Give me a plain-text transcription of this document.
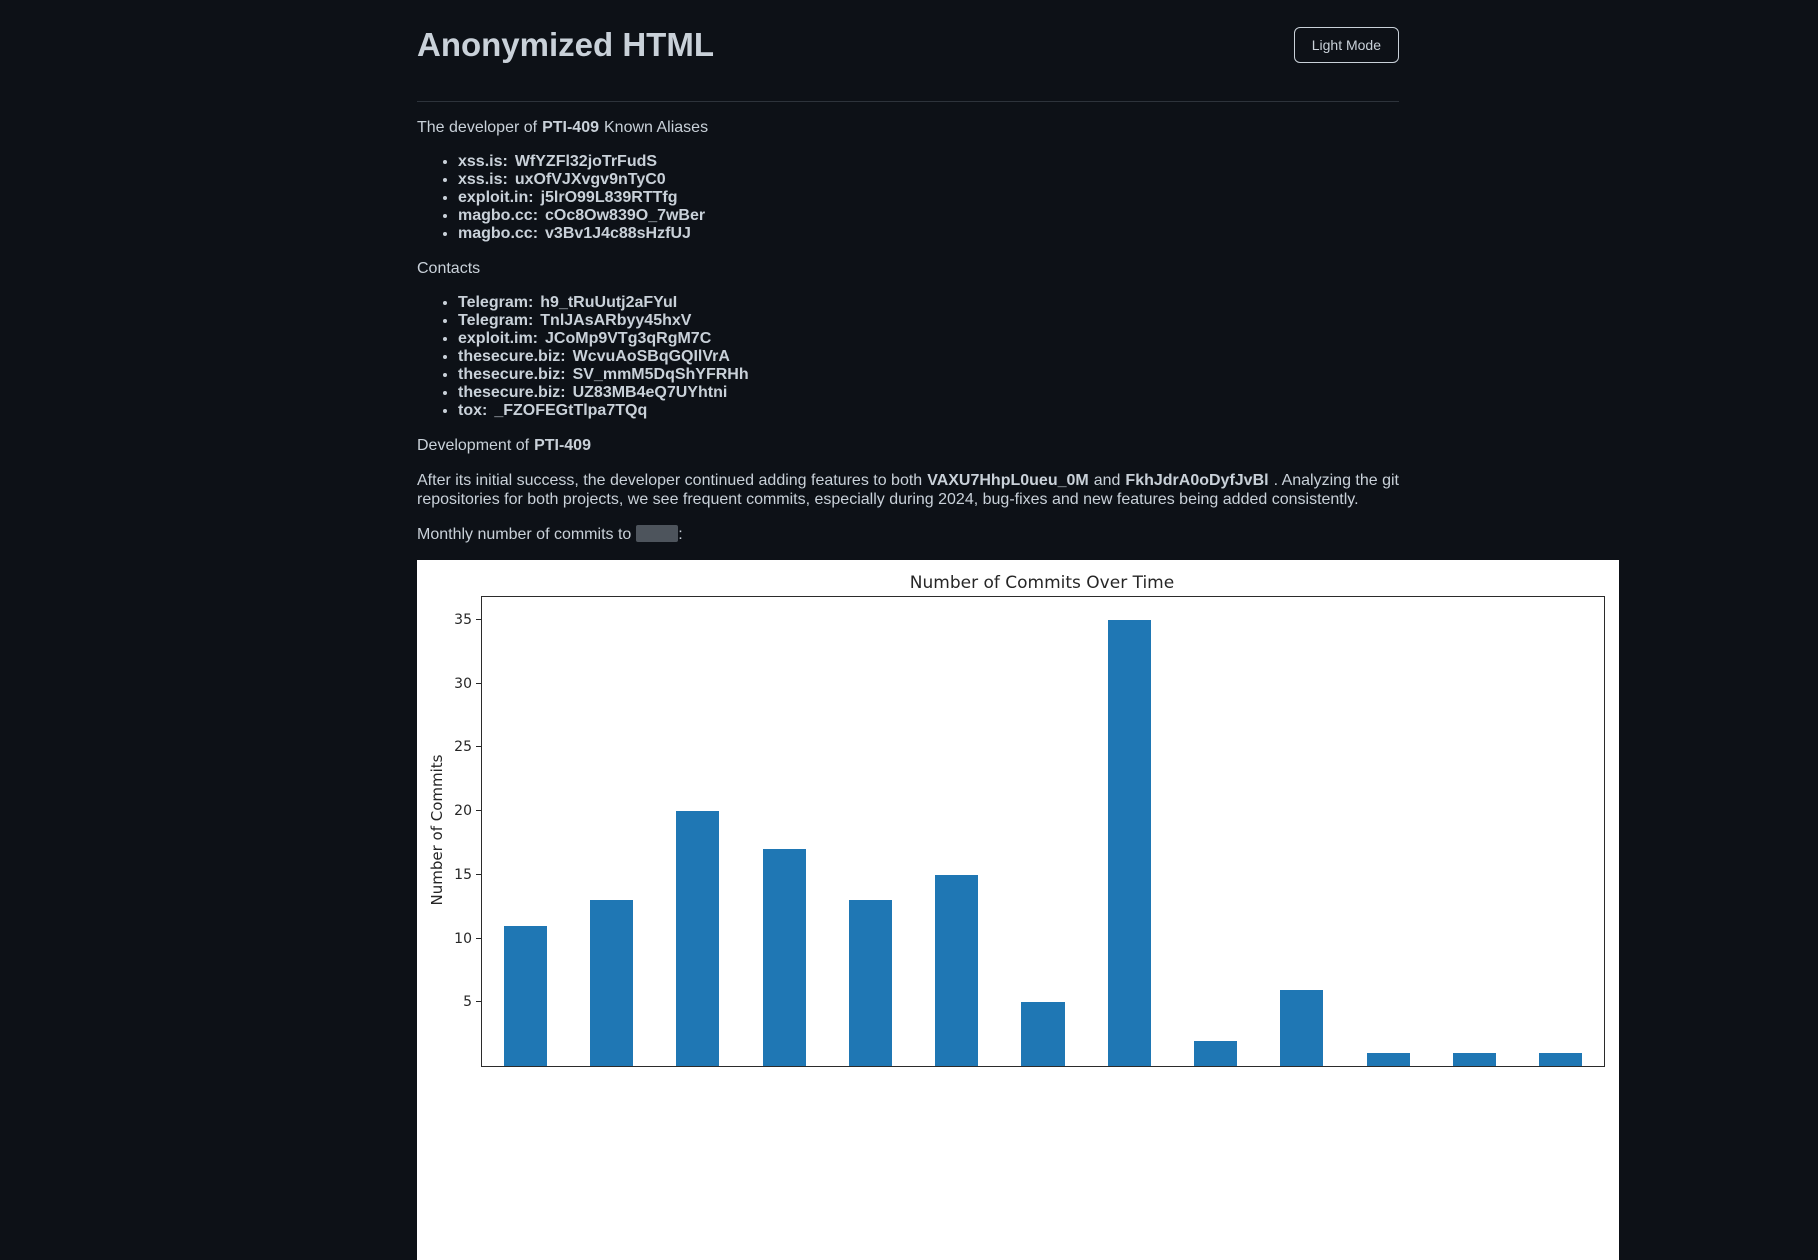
Anonymized HTML	Light Mode

The developer of PTI-409 Known Aliases

• xss.is: WfYZFl32joTrFudS
• xss.is: uxOfVJXvgv9nTyC0
• exploit.in: j5lrO99L839RTTfg
• magbo.cc: cOc8Ow839O_7wBer
• magbo.cc: v3Bv1J4c88sHzfUJ

Contacts

• Telegram: h9_tRuUutj2aFYuI
• Telegram: TnlJAsARbyy45hxV
• exploit.im: JCoMp9VTg3qRgM7C
• thesecure.biz: WcvuAoSBqGQIlVrA
• thesecure.biz: SV_mmM5DqShYFRHh
• thesecure.biz: UZ83MB4eQ7UYhtni
• tox: _FZOFEGtTlpa7TQq

Development of PTI-409

After its initial success, the developer continued adding features to both VAXU7HhpL0ueu_0M and FkhJdrA0oDyfJvBl . Analyzing the git repositories for both projects, we see frequent commits, especially during 2024, bug-fixes and new features being added consistently.

Monthly number of commits to	:

Number of Commits Over Time
Number of Commits
5
10
15
20
25
30
35
